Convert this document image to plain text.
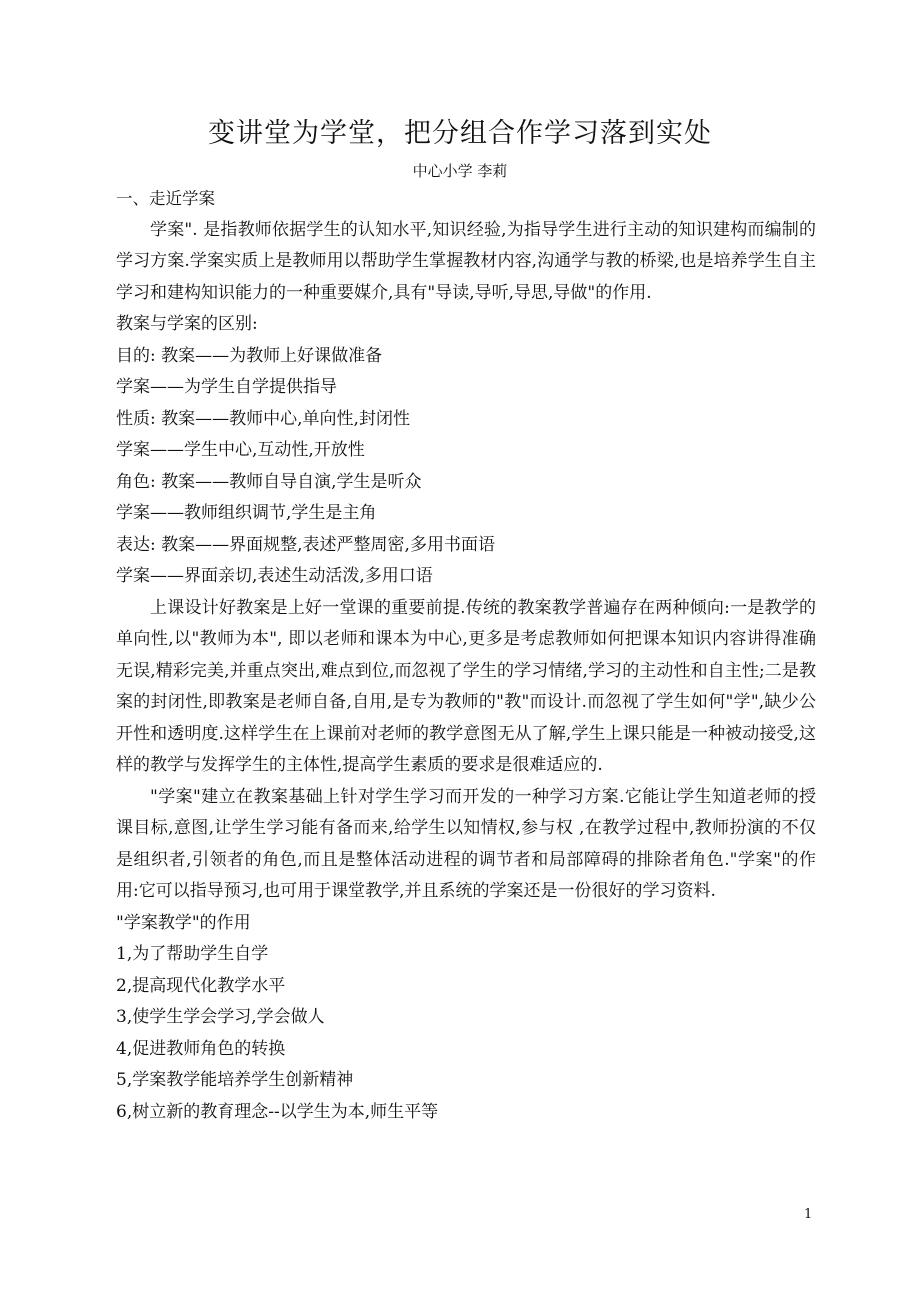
变讲堂为学堂，把分组合作学习落到实处
中心小学 李莉

一、走近学案

学案". 是指教师依据学生的认知水平,知识经验,为指导学生进行主动的知识建构而编制的学习方案.学案实质上是教师用以帮助学生掌握教材内容,沟通学与教的桥梁,也是培养学生自主学习和建构知识能力的一种重要媒介,具有"导读,导听,导思,导做"的作用.

教案与学案的区别:

目的: 教案——为教师上好课做准备

学案——为学生自学提供指导

性质: 教案——教师中心,单向性,封闭性

学案——学生中心,互动性,开放性

角色: 教案——教师自导自演,学生是听众

学案——教师组织调节,学生是主角

表达: 教案——界面规整,表述严整周密,多用书面语

学案——界面亲切,表述生动活泼,多用口语

上课设计好教案是上好一堂课的重要前提.传统的教案教学普遍存在两种倾向:一是教学的单向性,以"教师为本", 即以老师和课本为中心,更多是考虑教师如何把课本知识内容讲得准确无误,精彩完美,并重点突出,难点到位,而忽视了学生的学习情绪,学习的主动性和自主性;二是教案的封闭性,即教案是老师自备,自用,是专为教师的"教"而设计.而忽视了学生如何"学",缺少公开性和透明度.这样学生在上课前对老师的教学意图无从了解,学生上课只能是一种被动接受,这样的教学与发挥学生的主体性,提高学生素质的要求是很难适应的.

"学案"建立在教案基础上针对学生学习而开发的一种学习方案.它能让学生知道老师的授课目标,意图,让学生学习能有备而来,给学生以知情权,参与权 ,在教学过程中,教师扮演的不仅是组织者,引领者的角色,而且是整体活动进程的调节者和局部障碍的排除者角色."学案"的作用:它可以指导预习,也可用于课堂教学,并且系统的学案还是一份很好的学习资料.

"学案教学"的作用

1,为了帮助学生自学

2,提高现代化教学水平

3,使学生学会学习,学会做人

4,促进教师角色的转换

5,学案教学能培养学生创新精神

6,树立新的教育理念--以学生为本,师生平等

1
